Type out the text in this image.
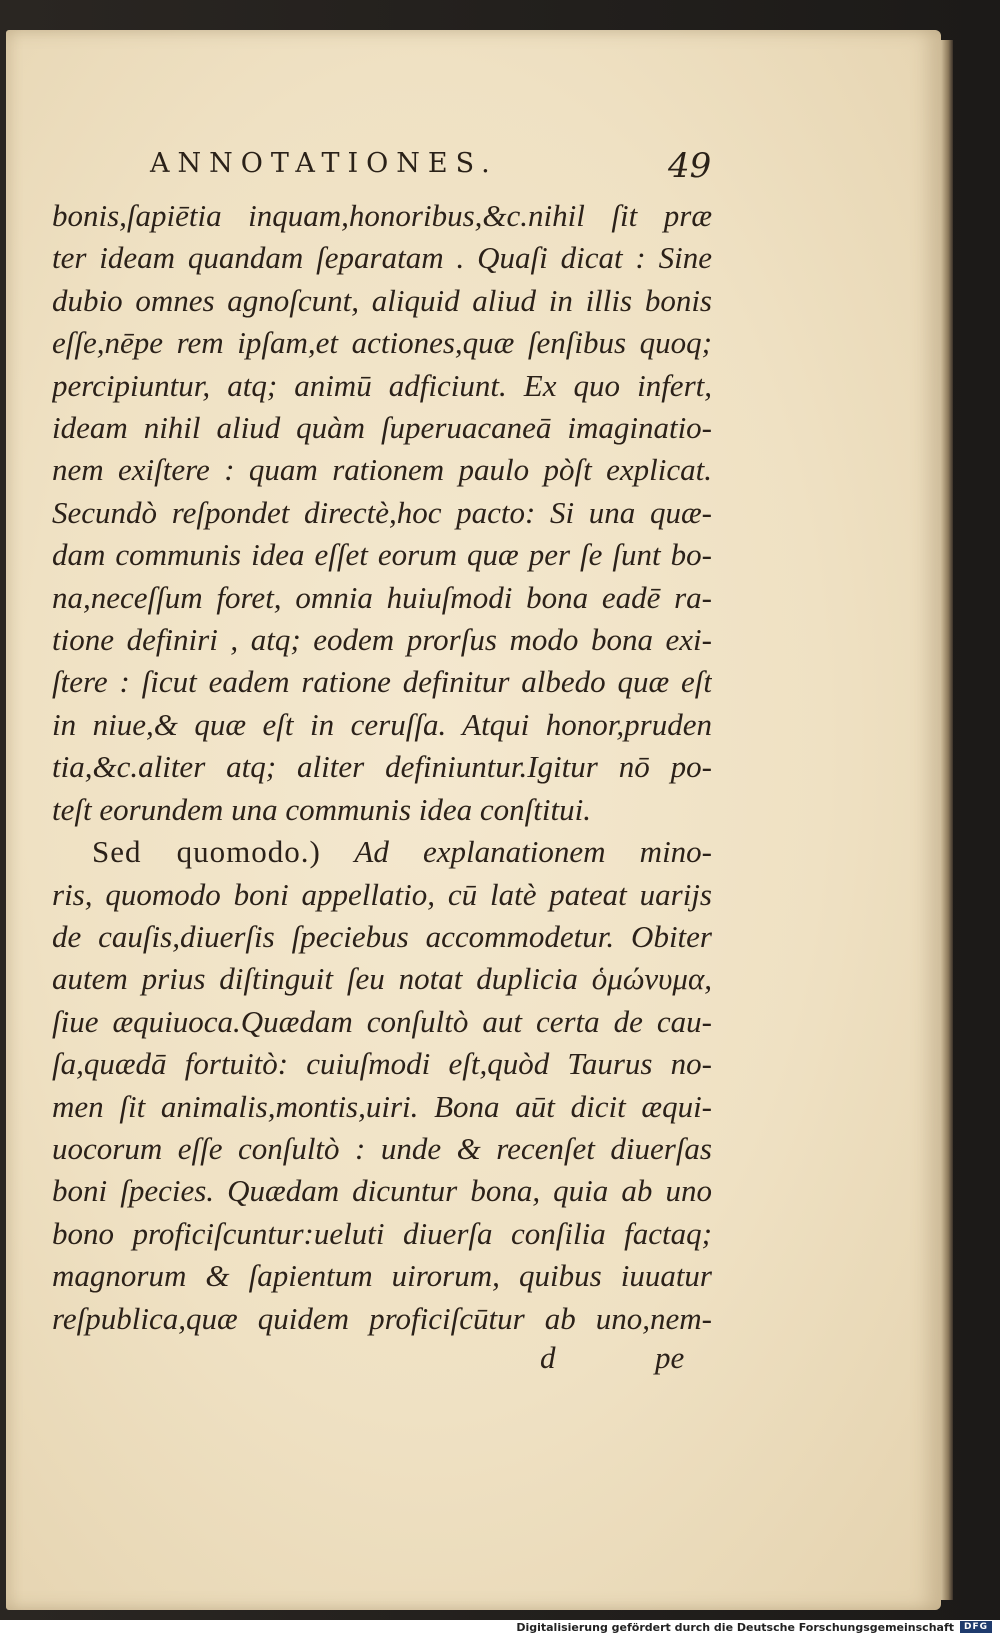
ANNOTATIONES.	49
bonis,ſapiētia inquam,honoribus,&c.nihil ſit præ
ter ideam quandam ſeparatam . Quaſi dicat : Sine
dubio omnes agnoſcunt, aliquid aliud in illis bonis
eſſe,nēpe rem ipſam,et actiones,quæ ſenſibus quoq;
percipiuntur, atq; animū adficiunt. Ex quo infert,
ideam nihil aliud quàm ſuperuacaneā imaginatio-
nem exiſtere : quam rationem paulo pòſt explicat.
Secundò reſpondet directè,hoc pacto: Si una quæ-
dam communis idea eſſet eorum quæ per ſe ſunt bo-
na,neceſſum foret, omnia huiuſmodi bona eadē ra-
tione definiri , atq; eodem prorſus modo bona exi-
ſtere : ſicut eadem ratione definitur albedo quæ eſt
in niue,& quæ eſt in ceruſſa. Atqui honor,pruden
tia,&c.aliter atq; aliter definiuntur.Igitur nō po-
teſt eorundem una communis idea conſtitui.
Sed quomodo.) Ad explanationem mino-
ris, quomodo boni appellatio, cū latè pateat uarijs
de cauſis,diuerſis ſpeciebus accommodetur. Obiter
autem prius diſtinguit ſeu notat duplicia ὁμώνυμα,
ſiue æquiuoca.Quædam conſultò aut certa de cau-
ſa,quædā fortuitò: cuiuſmodi eſt,quòd Taurus no-
men ſit animalis,montis,uiri. Bona aūt dicit æqui-
uocorum eſſe conſultò : unde & recenſet diuerſas
boni ſpecies. Quædam dicuntur bona, quia ab uno
bono proficiſcuntur:ueluti diuerſa conſilia factaq;
magnorum & ſapientum uirorum, quibus iuuatur
reſpublica,quæ quidem proficiſcūtur ab uno,nem-
d	pe
Digitalisierung gefördert durch die Deutsche Forschungsgemeinschaft	DFG
